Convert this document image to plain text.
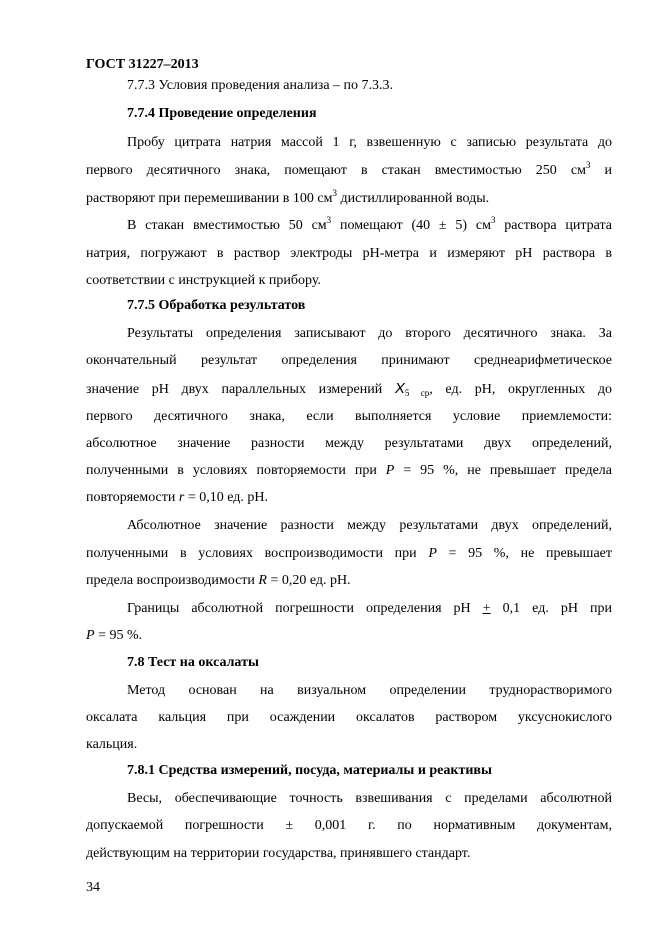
ГОСТ 31227–2013
7.7.3 Условия проведения анализа – по 7.3.3.
7.7.4 Проведение определения
Пробу цитрата натрия массой 1 г, взвешенную с записью результата до
первого десятичного знака, помещают в стакан вместимостью 250 $см^3$ и
растворяют при перемешивании в 100 $см^3$ дистиллированной воды.
В стакан вместимостью 50 $см^3$ помещают (40 ± 5) $см^3$ раствора цитрата
натрия, погружают в раствор электроды pH-метра и измеряют pH раствора в
соответствии с инструкцией к прибору.
7.7.5 Обработка результатов
Результаты определения записывают до второго десятичного знака. За
окончательный результат определения принимают среднеарифметическое
значение pH двух параллельных измерений $X_{5 ср}$, ед. pH, округленных до
первого десятичного знака, если выполняется условие приемлемости:
абсолютное значение разности между результатами двух определений,
полученными в условиях повторяемости при P = 95 %, не превышает предела
повторяемости r = 0,10 ед. pH.
Абсолютное значение разности между результатами двух определений,
полученными в условиях воспроизводимости при P = 95 %, не превышает
предела воспроизводимости R = 0,20 ед. pH.
Границы абсолютной погрешности определения pH + 0,1 ед. pH при
P = 95 %.
7.8 Тест на оксалаты
Метод основан на визуальном определении труднорастворимого
оксалата кальция при осаждении оксалатов раствором уксуснокислого
кальция.
7.8.1 Средства измерений, посуда, материалы и реактивы
Весы, обеспечивающие точность взвешивания с пределами абсолютной
допускаемой погрешности ± 0,001 г. по нормативным документам,
действующим на территории государства, принявшего стандарт.
34
